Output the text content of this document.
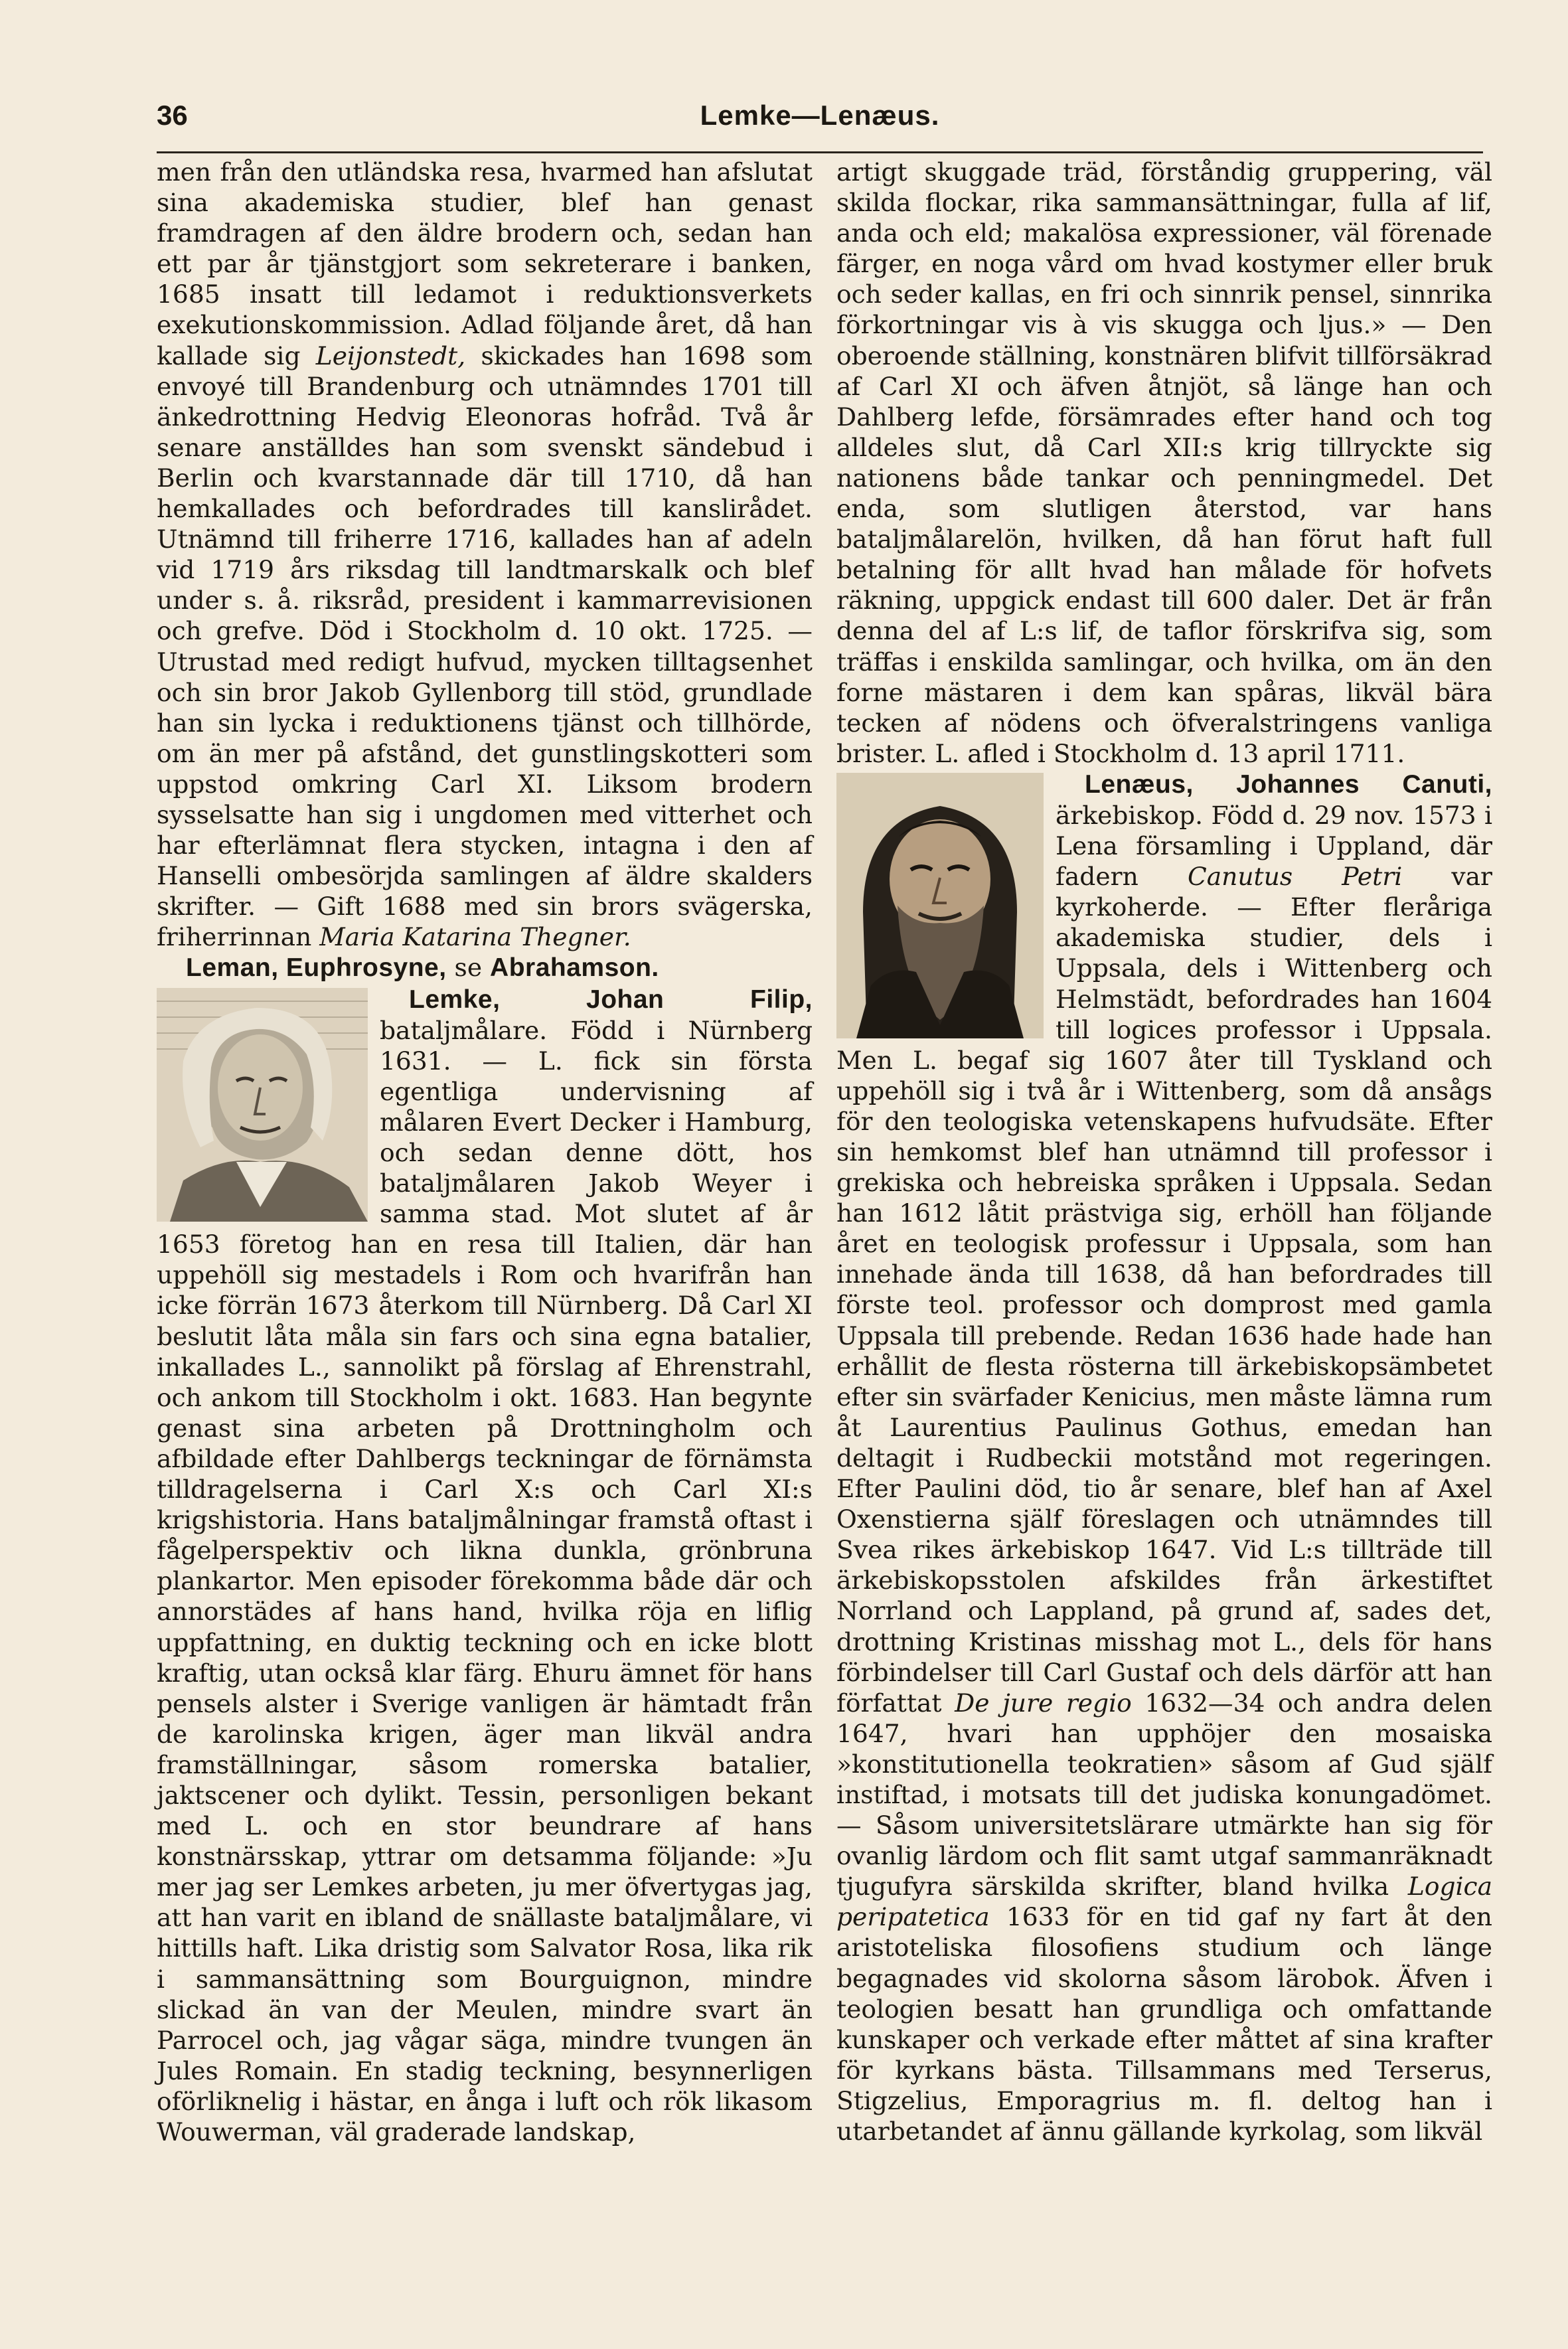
36	Lemke—Lenæus.

men från den utländska resa, hvarmed han afslutat sina akademiska studier, blef han genast framdragen af den äldre brodern och, sedan han ett par år tjänstgjort som sekreterare i banken, 1685 insatt till ledamot i reduktionsverkets exekutionskommission. Adlad följande året, då han kallade sig Leijonstedt, skickades han 1698 som envoyé till Brandenburg och utnämndes 1701 till änkedrottning Hedvig Eleonoras hofråd. Två år senare anställdes han som svenskt sändebud i Berlin och kvarstannade där till 1710, då han hemkallades och befordrades till kanslirådet. Utnämnd till friherre 1716, kallades han af adeln vid 1719 års riksdag till landtmarskalk och blef under s. å. riksråd, president i kammarrevisionen och grefve. Död i Stockholm d. 10 okt. 1725. — Utrustad med redigt hufvud, mycken tilltagsenhet och sin bror Jakob Gyllenborg till stöd, grundlade han sin lycka i reduktionens tjänst och tillhörde, om än mer på afstånd, det gunstlingskotteri som uppstod omkring Carl XI. Liksom brodern sysselsatte han sig i ungdomen med vitterhet och har efterlämnat flera stycken, intagna i den af Hanselli ombesörjda samlingen af äldre skalders skrifter. — Gift 1688 med sin brors svägerska, friherrinnan Maria Katarina Thegner.

Leman, Euphrosyne, se Abrahamson.

Lemke, Johan Filip,
bataljmålare. Född i Nürnberg 1631. — L. fick sin första egentliga undervisning af målaren Evert Decker i Hamburg, och sedan denne dött, hos bataljmålaren Jakob Weyer i samma stad. Mot slutet af år 1653 företog han en resa till Italien, där han uppehöll sig mestadels i Rom och hvarifrån han icke förrän 1673 återkom till Nürnberg. Då Carl XI beslutit låta måla sin fars och sina egna batalier, inkallades L., sannolikt på förslag af Ehrenstrahl, och ankom till Stockholm i okt. 1683. Han begynte genast sina arbeten på Drottningholm och afbildade efter Dahlbergs teckningar de förnämsta tilldragelserna i Carl X:s och Carl XI:s krigshistoria. Hans bataljmålningar framstå oftast i fågelperspektiv och likna dunkla, grönbruna plankartor. Men episoder förekomma både där och annorstädes af hans hand, hvilka röja en liflig uppfattning, en duktig teckning och en icke blott kraftig, utan också klar färg. Ehuru ämnet för hans pensels alster i Sverige vanligen är hämtadt från de karolinska krigen, äger man likväl andra framställningar, såsom romerska batalier, jaktscener och dylikt. Tessin, personligen bekant med L. och en stor beundrare af hans konstnärsskap, yttrar om detsamma följande: »Ju mer jag ser Lemkes arbeten, ju mer öfvertygas jag, att han varit en ibland de snällaste bataljmålare, vi hittills haft. Lika dristig som Salvator Rosa, lika rik i sammansättning som Bourguignon, mindre slickad än van der Meulen, mindre svart än Parrocel och, jag vågar säga, mindre tvungen än Jules Romain. En stadig teckning, besynnerligen oförliknelig i hästar, en ånga i luft och rök likasom Wouwerman, väl graderade landskap,

artigt skuggade träd, förståndig gruppering, väl skilda flockar, rika sammansättningar, fulla af lif, anda och eld; makalösa expressioner, väl förenade färger, en noga vård om hvad kostymer eller bruk och seder kallas, en fri och sinnrik pensel, sinnrika förkortningar vis à vis skugga och ljus.» — Den oberoende ställning, konstnären blifvit tillförsäkrad af Carl XI och äfven åtnjöt, så länge han och Dahlberg lefde, försämrades efter hand och tog alldeles slut, då Carl XII:s krig tillryckte sig nationens både tankar och penningmedel. Det enda, som slutligen återstod, var hans bataljmålarelön, hvilken, då han förut haft full betalning för allt hvad han målade för hofvets räkning, uppgick endast till 600 daler. Det är från denna del af L:s lif, de taflor förskrifva sig, som träffas i enskilda samlingar, och hvilka, om än den forne mästaren i dem kan spåras, likväl bära tecken af nödens och öfveralstringens vanliga brister. L. afled i Stockholm d. 13 april 1711.

Lenæus, Johannes Canuti,
ärkebiskop. Född d. 29 nov. 1573 i Lena församling i Uppland, där fadern Canutus Petri var kyrkoherde. — Efter fleråriga akademiska studier, dels i Uppsala, dels i Wittenberg och Helmstädt, befordrades han 1604 till logices professor i Uppsala. Men L. begaf sig 1607 åter till Tyskland och uppehöll sig i två år i Wittenberg, som då ansågs för den teologiska vetenskapens hufvudsäte. Efter sin hemkomst blef han utnämnd till professor i grekiska och hebreiska språken i Uppsala. Sedan han 1612 låtit prästviga sig, erhöll han följande året en teologisk professur i Uppsala, som han innehade ända till 1638, då han befordrades till förste teol. professor och domprost med gamla Uppsala till prebende. Redan 1636 hade hade han erhållit de flesta rösterna till ärkebiskopsämbetet efter sin svärfader Kenicius, men måste lämna rum åt Laurentius Paulinus Gothus, emedan han deltagit i Rudbeckii motstånd mot regeringen. Efter Paulini död, tio år senare, blef han af Axel Oxenstierna själf föreslagen och utnämndes till Svea rikes ärkebiskop 1647. Vid L:s tillträde till ärkebiskopsstolen afskildes från ärkestiftet Norrland och Lappland, på grund af, sades det, drottning Kristinas misshag mot L., dels för hans förbindelser till Carl Gustaf och dels därför att han författat De jure regio 1632—34 och andra delen 1647, hvari han upphöjer den mosaiska »konstitutionella teokratien» såsom af Gud själf instiftad, i motsats till det judiska konungadömet. — Såsom universitetslärare utmärkte han sig för ovanlig lärdom och flit samt utgaf sammanräknadt tjugufyra särskilda skrifter, bland hvilka Logica peripatetica 1633 för en tid gaf ny fart åt den aristoteliska filosofiens studium och länge begagnades vid skolorna såsom lärobok. Äfven i teologien besatt han grundliga och omfattande kunskaper och verkade efter måttet af sina krafter för kyrkans bästa. Tillsammans med Terserus, Stigzelius, Emporagrius m. fl. deltog han i utarbetandet af ännu gällande kyrkolag, som likväl
